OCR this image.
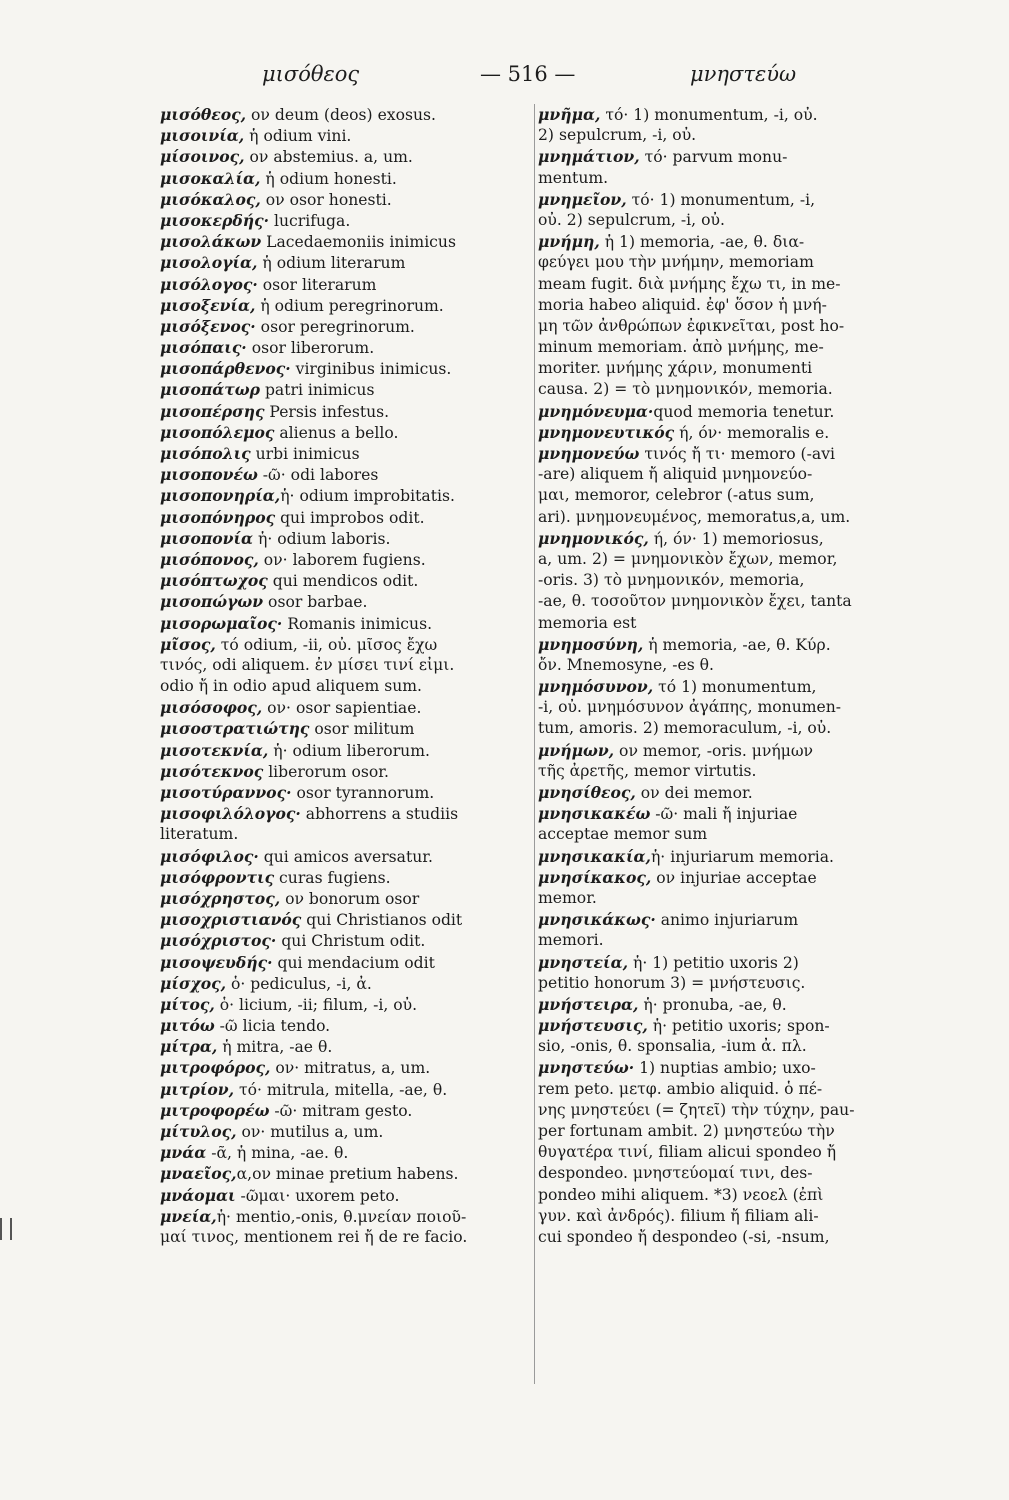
μισόθεος	— 516 —	μνηστεύω
μισόθεος, ον deum (deos) exosus.
μισοινία, ἡ odium vini.
μίσοινος, ον abstemius. a, um.
μισοκαλία, ἡ odium honesti.
μισόκαλος, ον osor honesti.
μισοκερδής· lucrifuga.
μισολάκων Lacedaemoniis inimicus
μισολογία, ἡ odium literarum
μισόλογος· osor literarum
μισοξενία, ἡ odium peregrinorum.
μισόξενος· osor peregrinorum.
μισόπαις· osor liberorum.
μισοπάρθενος· virginibus inimicus.
μισοπάτωρ patri inimicus
μισοπέρσης Persis infestus.
μισοπόλεμος alienus a bello.
μισόπολις urbi inimicus
μισοπονέω -ῶ· odi labores
μισοπονηρία,ἡ· odium improbitatis.
μισοπόνηρος qui improbos odit.
μισοπονία ἡ· odium laboris.
μισόπονος, ον· laborem fugiens.
μισόπτωχος qui mendicos odit.
μισοπώγων osor barbae.
μισορωμαῖος· Romanis inimicus.
μῖσος, τό odium, -ii, οὐ. μῖσος ἔχω
τινός, odi aliquem. ἐν μίσει τινί εἰμι.
odio ἤ in odio apud aliquem sum.
μισόσοφος, ον· osor sapientiae.
μισοστρατιώτης osor militum
μισοτεκνία, ἡ· odium liberorum.
μισότεκνος liberorum osor.
μισοτύραννος· osor tyrannorum.
μισοφιλόλογος· abhorrens a studiis
literatum.
μισόφιλος· qui amicos aversatur.
μισόφροντις curas fugiens.
μισόχρηστος, ον bonorum osor
μισοχριστιανός qui Christianos odit
μισόχριστος· qui Christum odit.
μισοψευδής· qui mendacium odit
μίσχος, ὁ· pediculus, -i, ἀ.
μίτος, ὁ· licium, -ii; filum, -i, οὐ.
μιτόω -ῶ licia tendo.
μίτρα, ἡ mitra, -ae θ.
μιτροφόρος, ον· mitratus, a, um.
μιτρίον, τό· mitrula, mitella, -ae, θ.
μιτροφορέω -ῶ· mitram gesto.
μίτυλος, ον· mutilus a, um.
μνάα -ᾶ, ἡ mina, -ae. θ.
μναεῖος,α,ον minae pretium habens.
μνάομαι -ῶμαι· uxorem peto.
μνεία,ἡ· mentio,-onis, θ.μνείαν ποιοῦ-
μαί τινος, mentionem rei ἤ de re facio.
μνῆμα, τό· 1) monumentum, -i, οὐ.
2) sepulcrum, -i, οὐ.
μνημάτιον, τό· parvum monu-
mentum.
μνημεῖον, τό· 1) monumentum, -i,
οὐ. 2) sepulcrum, -i, οὐ.
μνήμη, ἡ 1) memoria, -ae, θ. δια-
φεύγει μου τὴν μνήμην, memoriam
meam fugit. διὰ μνήμης ἔχω τι, in me-
moria habeo aliquid. ἐφ' ὅσον ἡ μνή-
μη τῶν ἀνθρώπων ἐφικνεῖται, post ho-
minum memoriam. ἀπὸ μνήμης, me-
moriter. μνήμης χάριν, monumenti
causa. 2) = τὸ μνημονικόν, memoria.
μνημόνευμα·quod memoria tenetur.
μνημονευτικός ή, όν· memoralis e.
μνημονεύω τινός ἤ τι· memoro (-avi
-are) aliquem ἤ aliquid μνημονεύο-
μαι, memoror, celebror (-atus sum,
ari). μνημονευμένος, memoratus,a, um.
μνημονικός, ή, όν· 1) memoriosus,
a, um. 2) = μνημονικὸν ἔχων, memor,
-oris. 3) τὸ μνημονικόν, memoria,
-ae, θ. τοσοῦτον μνημονικὸν ἔχει, tanta
memoria est
μνημοσύνη, ἡ memoria, -ae, θ. Κύρ.
ὄν. Mnemosyne, -es θ.
μνημόσυνον, τό 1) monumentum,
-i, οὐ. μνημόσυνον ἀγάπης, monumen-
tum, amoris. 2) memoraculum, -i, οὐ.
μνήμων, ον memor, -oris. μνήμων
τῆς ἀρετῆς, memor virtutis.
μνησίθεος, ον dei memor.
μνησικακέω -ῶ· mali ἤ injuriae
acceptae memor sum
μνησικακία,ἡ· injuriarum memoria.
μνησίκακος, ον injuriae acceptae
memor.
μνησικάκως· animo injuriarum
memori.
μνηστεία, ἡ· 1) petitio uxoris 2)
petitio honorum 3) = μνήστευσις.
μνήστειρα, ἡ· pronuba, -ae, θ.
μνήστευσις, ἡ· petitio uxoris; spon-
sio, -onis, θ. sponsalia, -ium ἀ. πλ.
μνηστεύω· 1) nuptias ambio; uxo-
rem peto. μετφ. ambio aliquid. ὁ πέ-
νης μνηστεύει (= ζητεῖ) τὴν τύχην, pau-
per fortunam ambit. 2) μνηστεύω τὴν
θυγατέρα τινί, filiam alicui spondeo ἤ
despondeo. μνηστεύομαί τινι, des-
pondeo mihi aliquem. *3) νεοελ (ἐπὶ
γυν. καὶ ἀνδρός). filium ἤ filiam ali-
cui spondeo ἤ despondeo (-si, -nsum,
